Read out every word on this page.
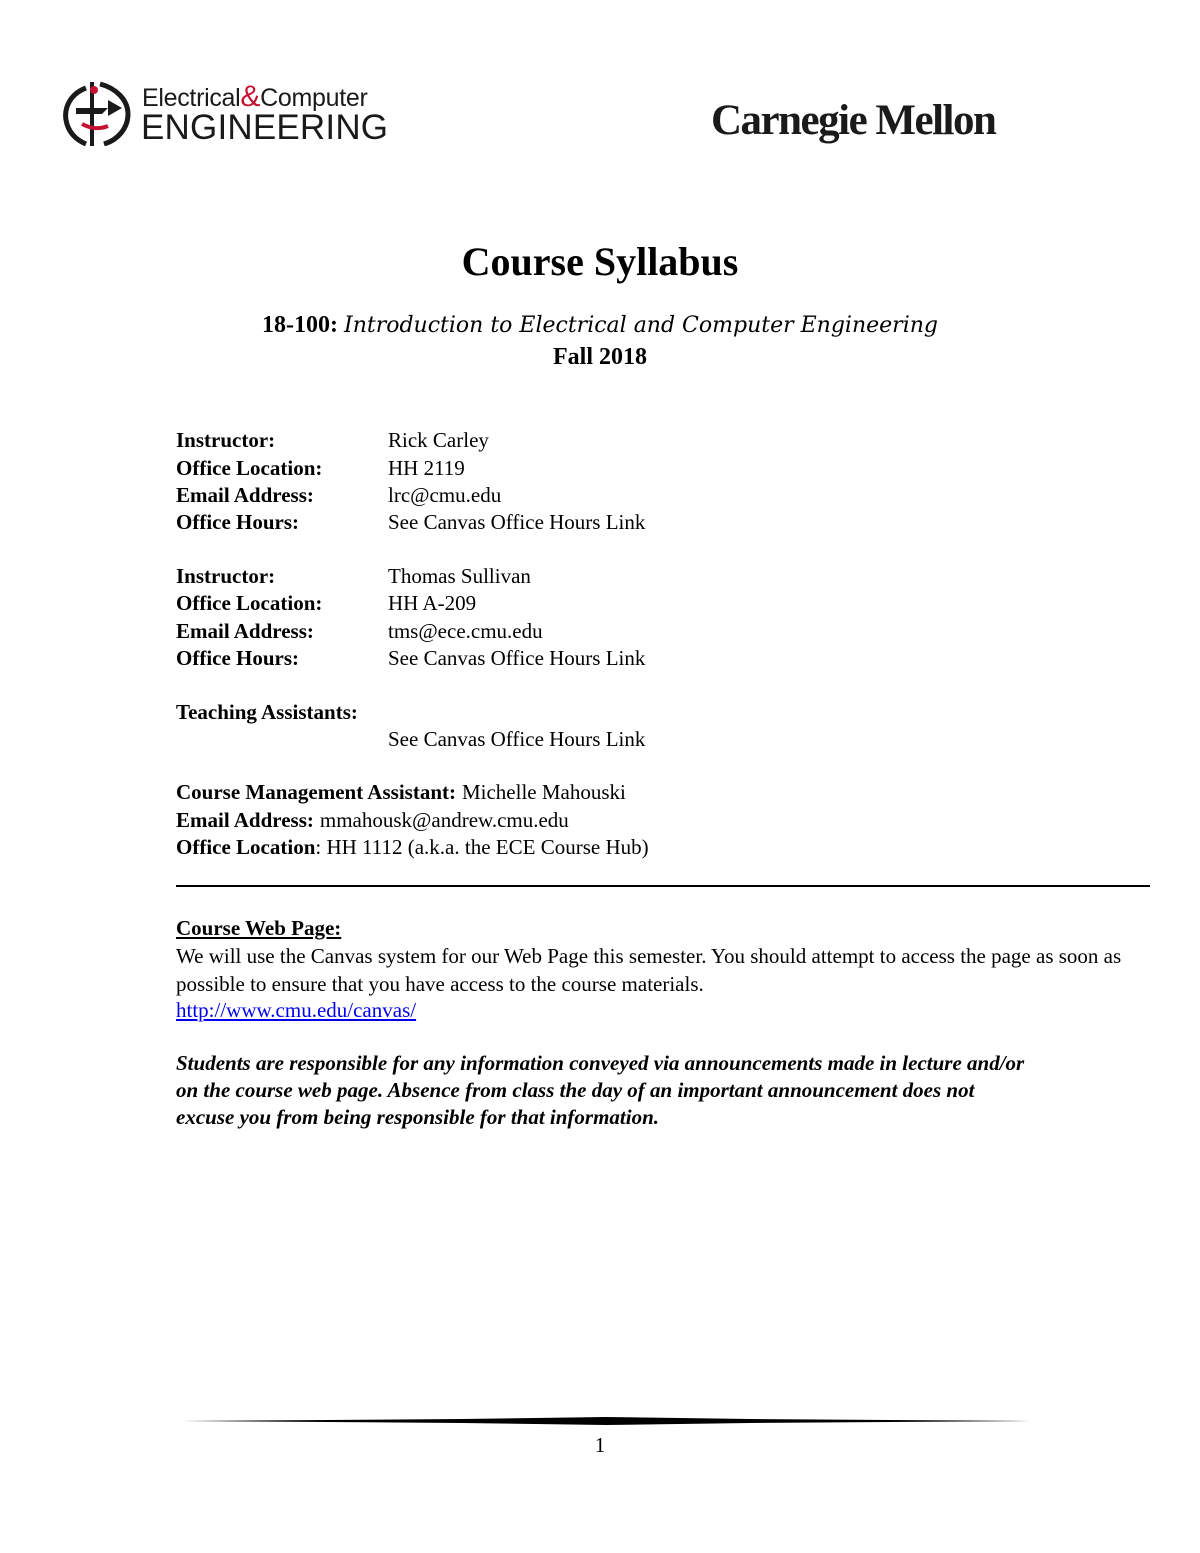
Electrical&Computer
ENGINEERING	Carnegie Mellon
Course Syllabus
18-100: Introduction to Electrical and Computer Engineering
Fall 2018
Instructor:	Rick Carley
Office Location:	HH 2119
Email Address:	lrc@cmu.edu
Office Hours:	See Canvas Office Hours Link
Instructor:	Thomas Sullivan
Office Location:	HH A-209
Email Address:	tms@ece.cmu.edu
Office Hours:	See Canvas Office Hours Link
Teaching Assistants:
See Canvas Office Hours Link
Course Management Assistant: Michelle Mahouski
Email Address: mmahousk@andrew.cmu.edu
Office Location: HH 1112 (a.k.a. the ECE Course Hub)
Course Web Page:
We will use the Canvas system for our Web Page this semester. You should attempt to access the page as soon as possible to ensure that you have access to the course materials.
http://www.cmu.edu/canvas/
Students are responsible for any information conveyed via announcements made in lecture and/or on the course web page. Absence from class the day of an important announcement does not excuse you from being responsible for that information.
1
